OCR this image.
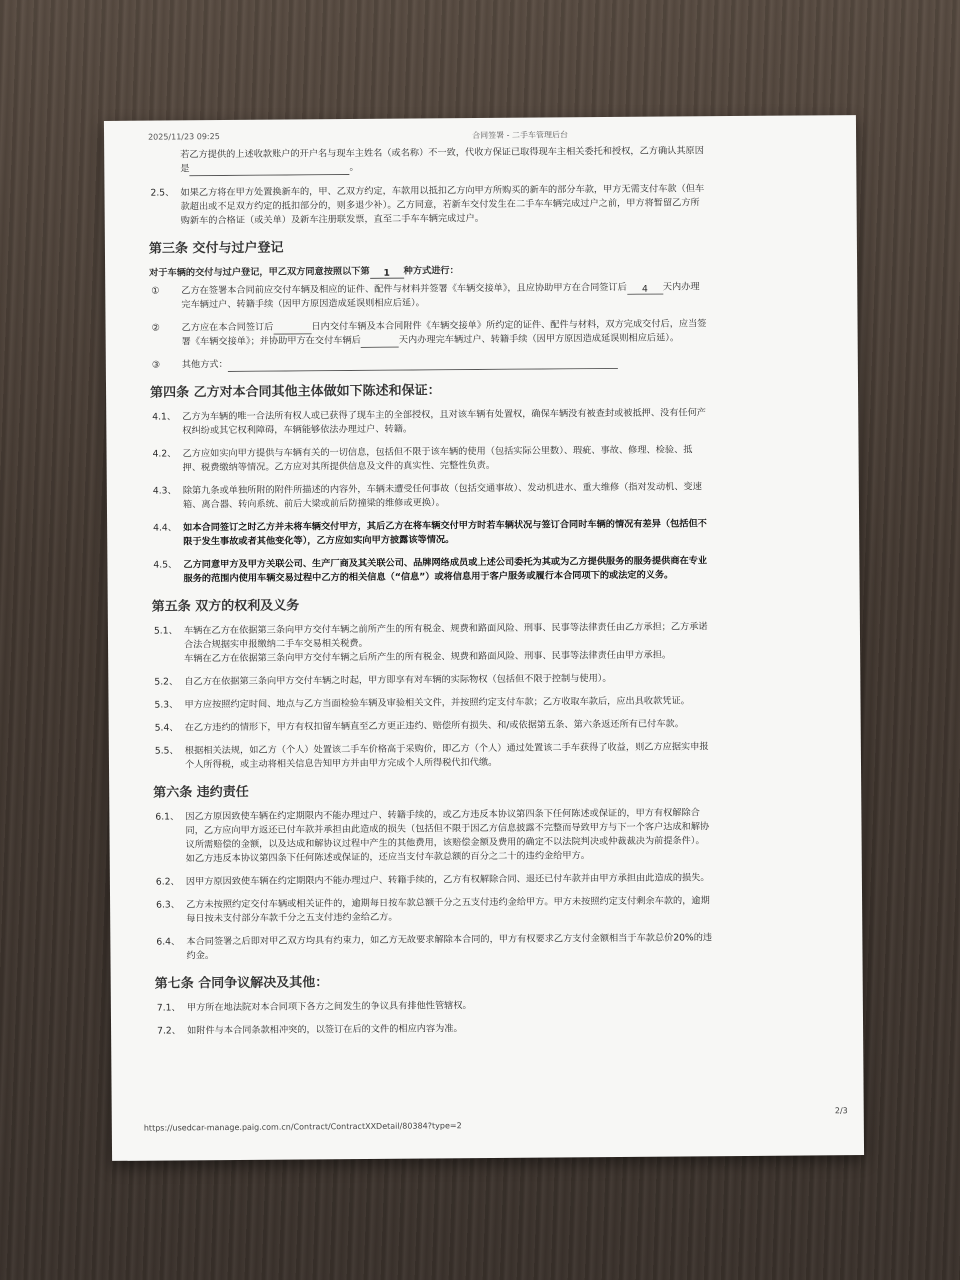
2025/11/23 09:25	合同签署 - 二手车管理后台
若乙方提供的上述收款账户的开户名与现车主姓名（或名称）不一致，代收方保证已取得现车主相关委托和授权，乙方确认其原因
是	。
2.5、 如果乙方将在甲方处置换新车的，甲、乙双方约定，车款用以抵扣乙方向甲方所购买的新车的部分车款，甲方无需支付车款（但车
款超出或不足双方约定的抵扣部分的，则多退少补）。乙方同意，若新车交付发生在二手车车辆完成过户之前，甲方将暂留乙方所
购新车的合格证（或关单）及新车注册联发票，直至二手车车辆完成过户。
第三条 交付与过户登记
对于车辆的交付与过户登记，甲乙双方同意按照以下第 1 种方式进行：
① 乙方在签署本合同前应交付车辆及相应的证件、配件与材料并签署《车辆交接单》，且应协助甲方在合同签订后 4 天内办理
完车辆过户、转籍手续（因甲方原因造成延误则相应后延）。
② 乙方应在本合同签订后	日内交付车辆及本合同附件《车辆交接单》所约定的证件、配件与材料，双方完成交付后，应当签
署《车辆交接单》；并协助甲方在交付车辆后	天内办理完车辆过户、转籍手续（因甲方原因造成延误则相应后延）。
③ 其他方式：
第四条 乙方对本合同其他主体做如下陈述和保证：
4.1、 乙方为车辆的唯一合法所有权人或已获得了现车主的全部授权，且对该车辆有处置权，确保车辆没有被查封或被抵押、没有任何产
权纠纷或其它权利障碍，车辆能够依法办理过户、转籍。
4.2、 乙方应如实向甲方提供与车辆有关的一切信息，包括但不限于该车辆的使用（包括实际公里数）、瑕疵、事故、修理、检验、抵
押、税费缴纳等情况。乙方应对其所提供信息及文件的真实性、完整性负责。
4.3、 除第九条或单独所附的附件所描述的内容外，车辆未遭受任何事故（包括交通事故）、发动机进水、重大维修（指对发动机、变速
箱、离合器、转向系统、前后大梁或前后防撞梁的维修或更换）。
4.4、 如本合同签订之时乙方并未将车辆交付甲方，其后乙方在将车辆交付甲方时若车辆状况与签订合同时车辆的情况有差异（包括但不
限于发生事故或者其他变化等），乙方应如实向甲方披露该等情况。
4.5、 乙方同意甲方及甲方关联公司、生产厂商及其关联公司、品牌网络成员或上述公司委托为其或为乙方提供服务的服务提供商在专业
服务的范围内使用车辆交易过程中乙方的相关信息（“信息”）或将信息用于客户服务或履行本合同项下的或法定的义务。
第五条 双方的权利及义务
5.1、 车辆在乙方在依据第三条向甲方交付车辆之前所产生的所有税金、规费和路面风险、刑事、民事等法律责任由乙方承担；乙方承诺
合法合规据实申报缴纳二手车交易相关税费。
车辆在乙方在依据第三条向甲方交付车辆之后所产生的所有税金、规费和路面风险、刑事、民事等法律责任由甲方承担。
5.2、 自乙方在依据第三条向甲方交付车辆之时起，甲方即享有对车辆的实际物权（包括但不限于控制与使用）。
5.3、 甲方应按照约定时间、地点与乙方当面检验车辆及审验相关文件，并按照约定支付车款；乙方收取车款后，应出具收款凭证。
5.4、 在乙方违约的情形下，甲方有权扣留车辆直至乙方更正违约、赔偿所有损失、和/或依据第五条、第六条返还所有已付车款。
5.5、 根据相关法规，如乙方（个人）处置该二手车价格高于采购价，即乙方（个人）通过处置该二手车获得了收益，则乙方应据实申报
个人所得税，或主动将相关信息告知甲方并由甲方完成个人所得税代扣代缴。
第六条 违约责任
6.1、 因乙方原因致使车辆在约定期限内不能办理过户、转籍手续的，或乙方违反本协议第四条下任何陈述或保证的，甲方有权解除合
同，乙方应向甲方返还已付车款并承担由此造成的损失（包括但不限于因乙方信息披露不完整而导致甲方与下一个客户达成和解协
议所需赔偿的金额，以及达成和解协议过程中产生的其他费用，该赔偿金额及费用的确定不以法院判决或仲裁裁决为前提条件）。
如乙方违反本协议第四条下任何陈述或保证的，还应当支付车款总额的百分之二十的违约金给甲方。
6.2、 因甲方原因致使车辆在约定期限内不能办理过户、转籍手续的，乙方有权解除合同、退还已付车款并由甲方承担由此造成的损失。
6.3、 乙方未按照约定交付车辆或相关证件的，逾期每日按车款总额千分之五支付违约金给甲方。甲方未按照约定支付剩余车款的，逾期
每日按未支付部分车款千分之五支付违约金给乙方。
6.4、 本合同签署之后即对甲乙双方均具有约束力，如乙方无故要求解除本合同的，甲方有权要求乙方支付金额相当于车款总价20%的违
约金。
第七条 合同争议解决及其他：
7.1、 甲方所在地法院对本合同项下各方之间发生的争议具有排他性管辖权。
7.2、 如附件与本合同条款相冲突的，以签订在后的文件的相应内容为准。
2/3
https://usedcar-manage.paig.com.cn/Contract/ContractXXDetail/80384?type=2
